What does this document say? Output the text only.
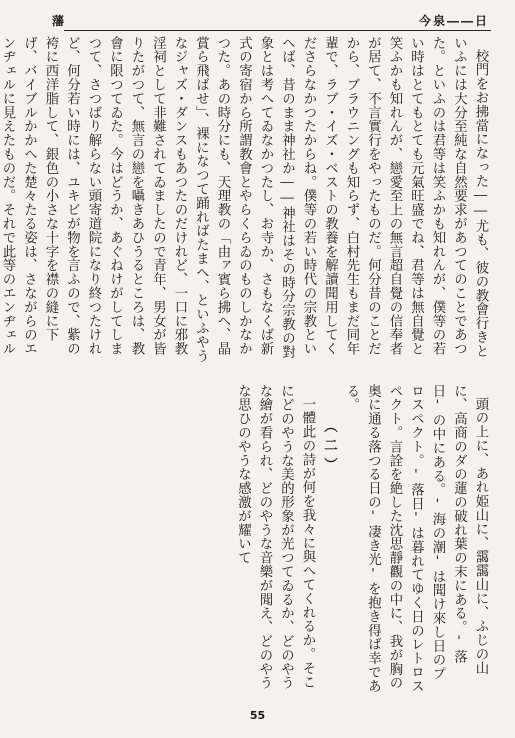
藩	今泉――日

校門をお拂當になった――尤も、彼の教會行きといふには大分至純な自然要求があつてのことであつた。といふのは君等は笑ふかも知れんが、僕等の若い時はとてもとても元氣旺盛でね、君等は無自覺と笑ふかも知れんが、戀愛至上の無言超自覺の信奉者が居て、不言實行をやったものだ。何分昔のことだから、ブラウニングも知らず、白村先生もまだ同年輩で、ラブ・イズ・ベストの教養を解讀聞用してくださらなかつたからね。僕等の若い時代の宗教といへば、昔のまま神社か――神社はその時分宗教の對象とは考へてゐなかつたし、お寺か、さもなくば新式の寄宿から所謂教會とやらくらゐのものしかなかつた。あの時分にも、天理教の「由ァ賓ら拂へ、晶賞ら飛ばせ」、裸になつて踊ればたまへ、といふやうなジャズ・ダンスもあつたのだけれど、一口に邪教淫祠として非難されてゐましたので青年、男女が皆りたがつて、無言の戀を囁きあひうるところは、教會に限つてゐた。今はどうか、あぐねけがしてしまつて、さつばり解らない頭寄道院になり終つたけれど、何分若い時には、ユキビが物を言ふので、紫の袴に西洋脂して、銀色の小さな十字を襟の縫に下げ、バイブルかかへた楚々たる姿は、さながらのエンヂェルに見えたものだ。それで此等のエンヂェル　

頭の上に、あれ姫山に、靄靄山に、ふじの山に、高商のダの蓮の破れ葉の末にある。'落日'の中にある。'海の潮'は聞け來し日のプロスペクト。'落日'は暮れてゆく日のレトロスペクト。言詮を絶した沈思靜觀の中に、我が胸の奥に通る落つる日の'凄き光'を抱き得ば幸である。

（二）

一體此の詩が何を我々に與へてくれるか。そこにどのやうな美的形象が光つてゐるか、どのやうな繪が看られ、どのやうな音樂が聞え、どのやうな思ひのやうな感激が耀いて

55
